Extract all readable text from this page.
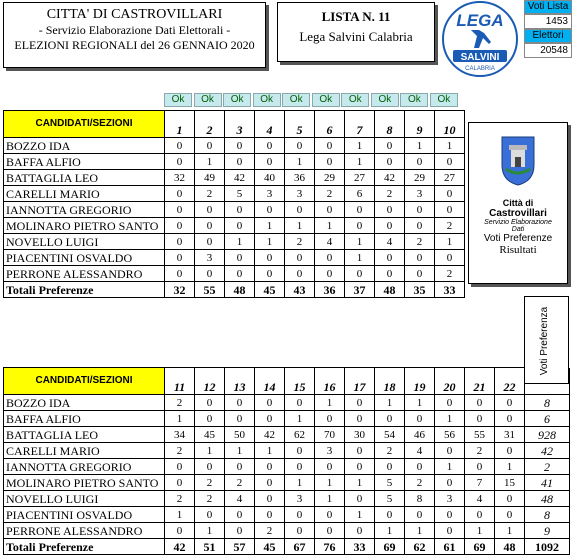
CITTA' DI CASTROVILLARI
- Servizio Elaborazione Dati Elettorali -
ELEZIONI REGIONALI del 26 GENNAIO 2020
LISTA N. 11
Lega Salvini Calabria
LEGA
SALVINI
CALABRIA
Voti Lista
1453
Elettori
20548
Ok	Ok	Ok	Ok	Ok	Ok	Ok	Ok	Ok	Ok
CANDIDATI/SEZIONI	1	2	3	4	5	6	7	8	9	10
BOZZO IDA	0	0	0	0	0	0	1	0	1	1
BAFFA ALFIO	0	1	0	0	1	0	1	0	0	0
BATTAGLIA LEO	32	49	42	40	36	29	27	42	29	27
CARELLI MARIO	0	2	5	3	3	2	6	2	3	0
IANNOTTA GREGORIO	0	0	0	0	0	0	0	0	0	0
MOLINARO PIETRO SANTO	0	0	0	1	1	1	0	0	0	2
NOVELLO LUIGI	0	0	1	1	2	4	1	4	2	1
PIACENTINI OSVALDO	0	3	0	0	0	0	1	0	0	0
PERRONE ALESSANDRO	0	0	0	0	0	0	0	0	0	2
Totali Preferenze	32	55	48	45	43	36	37	48	35	33
Città di
Castrovillari
Servizio Elaborazione
Dati
Voti Preferenze
Risultati
CANDIDATI/SEZIONI	11	12	13	14	15	16	17	18	19	20	21	22	
BOZZO IDA	2	0	0	0	0	1	0	1	1	0	0	0	8
BAFFA ALFIO	1	0	0	0	1	0	0	0	0	1	0	0	6
BATTAGLIA LEO	34	45	50	42	62	70	30	54	46	56	55	31	928
CARELLI MARIO	2	1	1	1	0	3	0	2	4	0	2	0	42
IANNOTTA GREGORIO	0	0	0	0	0	0	0	0	0	1	0	1	2
MOLINARO PIETRO SANTO	0	2	2	0	1	1	1	5	2	0	7	15	41
NOVELLO LUIGI	2	2	4	0	3	1	0	5	8	3	4	0	48
PIACENTINI OSVALDO	1	0	0	0	0	0	1	0	0	0	0	0	8
PERRONE ALESSANDRO	0	1	0	2	0	0	0	1	1	0	1	1	9
Totali Preferenze	42	51	57	45	67	76	33	69	62	61	69	48	1092
Voti Preferenza
